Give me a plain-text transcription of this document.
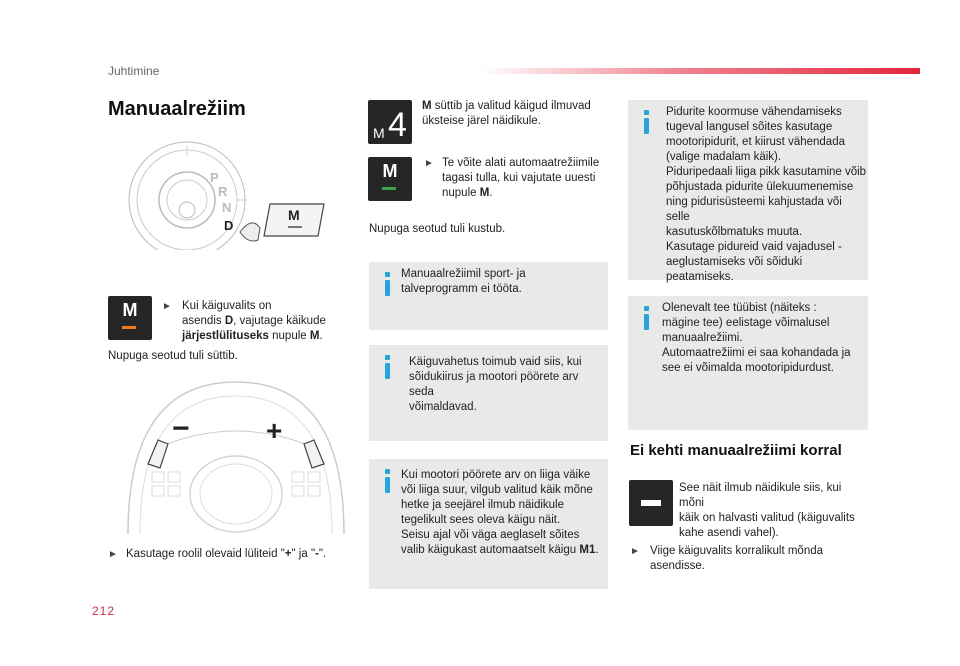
Juhtimine
212
Manuaalrežiim
P
R
N
D
M
M	► Kui käiguvalits on
asendis D, vajutage käikude
järjestlülituseks nupule M.
Nupuga seotud tuli süttib.
−	+
► Kasutage roolil olevaid lüliteid "+" ja "-".
M 4 M süttib ja valitud käigud ilmuvad
üksteise järel näidikule.
M	► Te võite alati automaatrežiimile
tagasi tulla, kui vajutate uuesti
nupule M.
Nupuga seotud tuli kustub.
Manuaalrežiimil sport- ja
talveprogramm ei tööta.
Käiguvahetus toimub vaid siis, kui
sõidukiirus ja mootori pöörete arv seda
võimaldavad.
Kui mootori pöörete arv on liiga väike
või liiga suur, vilgub valitud käik mõne
hetke ja seejärel ilmub näidikule
tegelikult sees oleva käigu näit.
Seisu ajal või väga aeglaselt sõites
valib käigukast automaatselt käigu M1.
Pidurite koormuse vähendamiseks
tugeval langusel sõites kasutage
mootoripidurit, et kiirust vähendada
(valige madalam käik).
Piduripedaali liiga pikk kasutamine võib
põhjustada pidurite ülekuumenemise
ning pidurisüsteemi kahjustada või selle
kasutuskõlbmatuks muuta.
Kasutage pidureid vaid vajadusel -
aeglustamiseks või sõiduki
peatamiseks.
Olenevalt tee tüübist (näiteks :
mägine tee) eelistage võimalusel
manuaalrežiimi.
Automaatrežiimi ei saa kohandada ja
see ei võimalda mootoripidurdust.
Ei kehti manuaalrežiimi korral
See näit ilmub näidikule siis, kui mõni
käik on halvasti valitud (käiguvalits
kahe asendi vahel).
► Viige käiguvalits korralikult mõnda
asendisse.
